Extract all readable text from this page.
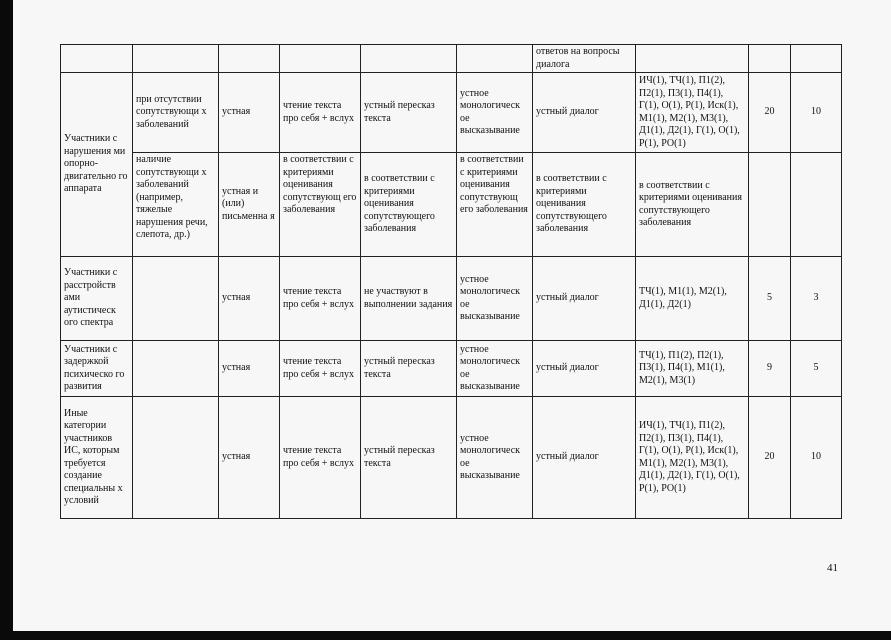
						ответов на вопросы диалога			
Участники с нарушения ми опорно-двигательно го аппарата	при отсутствии сопутствующи х заболеваний	устная	чтение текста про себя + вслух	устный пересказ текста	устное монологическ ое высказывание	устный диалог	ИЧ(1), ТЧ(1), П1(2), П2(1), П3(1), П4(1), Г(1), О(1), Р(1), Иск(1), М1(1), М2(1), М3(1), Д1(1), Д2(1), Г(1), О(1), Р(1), РО(1)	20	10
	наличие сопутствующи х заболеваний (например, тяжелые нарушения речи, слепота, др.)	устная и (или) письменна я	в соответствии с критериями оценивания сопутствующ его заболевания	в соответствии с критериями оценивания сопутствующего заболевания	в соответствии с критериями оценивания сопутствующ его заболевания	в соответствии с критериями оценивания сопутствующего заболевания	в соответствии с критериями оценивания сопутствующего заболевания		
Участники с расстройств ами аутистическ ого спектра		устная	чтение текста про себя + вслух	не участвуют в выполнении задания	устное монологическ ое высказывание	устный диалог	ТЧ(1), М1(1), М2(1), Д1(1), Д2(1)	5	3
Участники с задержкой психическо го развития		устная	чтение текста про себя + вслух	устный пересказ текста	устное монологическ ое высказывание	устный диалог	ТЧ(1), П1(2), П2(1), П3(1), П4(1), М1(1), М2(1), М3(1)	9	5
Иные категории участников ИС, которым требуется создание специальны х условий		устная	чтение текста про себя + вслух	устный пересказ текста	устное монологическ ое высказывание	устный диалог	ИЧ(1), ТЧ(1), П1(2), П2(1), П3(1), П4(1), Г(1), О(1), Р(1), Иск(1), М1(1), М2(1), М3(1), Д1(1), Д2(1), Г(1), О(1), Р(1), РО(1)	20	10
41
